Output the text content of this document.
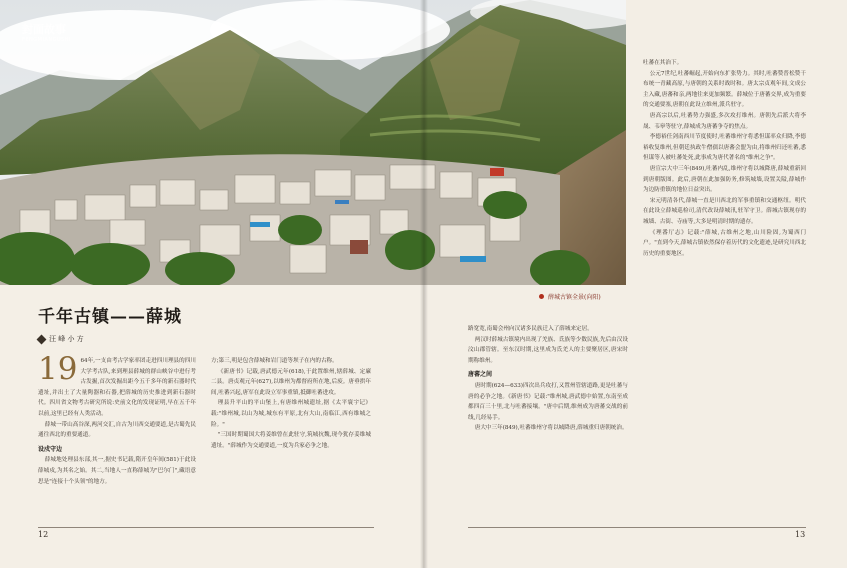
封面故事
FENGMIANGUSHI
薛城古镇全景(向阳)
千年古镇——薛城
汪 峰 小 方
19 64年,一支由考古学家率团走进四川理县的四川大学考古队,来到理县薛城的群山峡谷中进行考古发掘,首次发掘出距今五千多年的新石器时代遗址,并出土了大量陶器和石器,把薛城的历史推进到新石器时代。四川省文物考古研究所说:史前文化的发现证明,早在五千年以前,这里已经有人类活动。

薛城一带山高谷深,两河交汇,自古为川西交通要道,是古蜀先民通往西北的重要通道。

设戍守边

薛城地处理县东部,其一,据史书记载,隋开皇年间(581)于此设薛城戍,为其名之始。其二,当地人一直称薛城为"巴尔门",藏语意思是"连接十个头领"的地方。

方;第三,明是包含薛城和岩门道等坝子在内的古称。

《新唐书》记载,唐武德元年(618),于此置维州,辖薛城、定廉二县。唐贞观元年(627),以维州为都督府所在地,后废。唐垂拱年间,吐蕃兴起,唐军在此设立军事重镇,抵御吐蕃进攻。

理县升平山的平山堡上,有唐维州城遗址,据《太平寰宇记》载:"维州城,以山为城,城东有平原,北有大山,南临江,西有维城之险。"

"三国时期蜀国大将姜维曾在此驻守,筑城抗魏,现今犹存姜维城遗址。"薛城作为交通要道,一度为兵家必争之地。

路宽宽,南蜀会州向汉诸多民族迁入了薛城来定居。

两汉时薛城古镇境内出现了羌族、氐族等少数民族,先后由汉设汶山郡管辖。至东汉时期,这里成为氐羌人的主要聚居区,唐宋时期称维州。

唐蕃之间

唐时期(624—633)四次出兵攻打,又置州管辖道路,更是吐蕃与唐的必争之地。《新唐书》记载:"维州城,唐武德中始置,东南至成都四百三十里,北与吐蕃接壤。"唐中后期,维州成为唐蕃交战的前线,几经易手。

唐大中三年(849),吐蕃维州守将以城降唐,薛城重归唐朝统治。

吐蕃在其治下。

公元7世纪,吐蕃崛起,开始向东扩张势力。其时,吐蕃赞普松赞干布统一青藏高原,与唐朝的关系时战时和。唐太宗贞观年间,文成公主入藏,唐蕃和亲,两地往来更加频繁。薛城位于唐蕃交界,成为重要的交通要塞,唐朝在此设立维州,派兵驻守。

唐高宗以后,吐蕃势力强盛,多次攻打维州。唐朝先后派大将李晟、韦皋等驻守,薛城成为唐蕃争夺的焦点。

李德裕任剑南西川节度使时,吐蕃维州守将悉怛谋率众归降,李德裕收复维州,但朝廷执政牛僧孺以唐蕃会盟为由,将维州归还吐蕃,悉怛谋等人被吐蕃处死,此事成为唐代著名的"维州之争"。

唐宣宗大中三年(849),吐蕃内乱,维州守将以城降唐,薛城重新回到唐朝版图。此后,唐朝在此加强防务,修筑城墙,设置关隘,薛城作为边防重镇的地位日益突出。

宋元明清各代,薛城一直是川西北的军事重镇和交通枢纽。明代在此设立薛城巡检司,清代改设薛城汛,驻军守卫。薛城古镇现存的城墙、古街、寺庙等,大多是明清时期的遗存。

《理番厅志》记载:"薛城,古维州之地,山川险固,为蜀西门户。"直到今天,薛城古镇依然保存着历代的文化遗迹,是研究川西北历史的重要地区。

12	13
